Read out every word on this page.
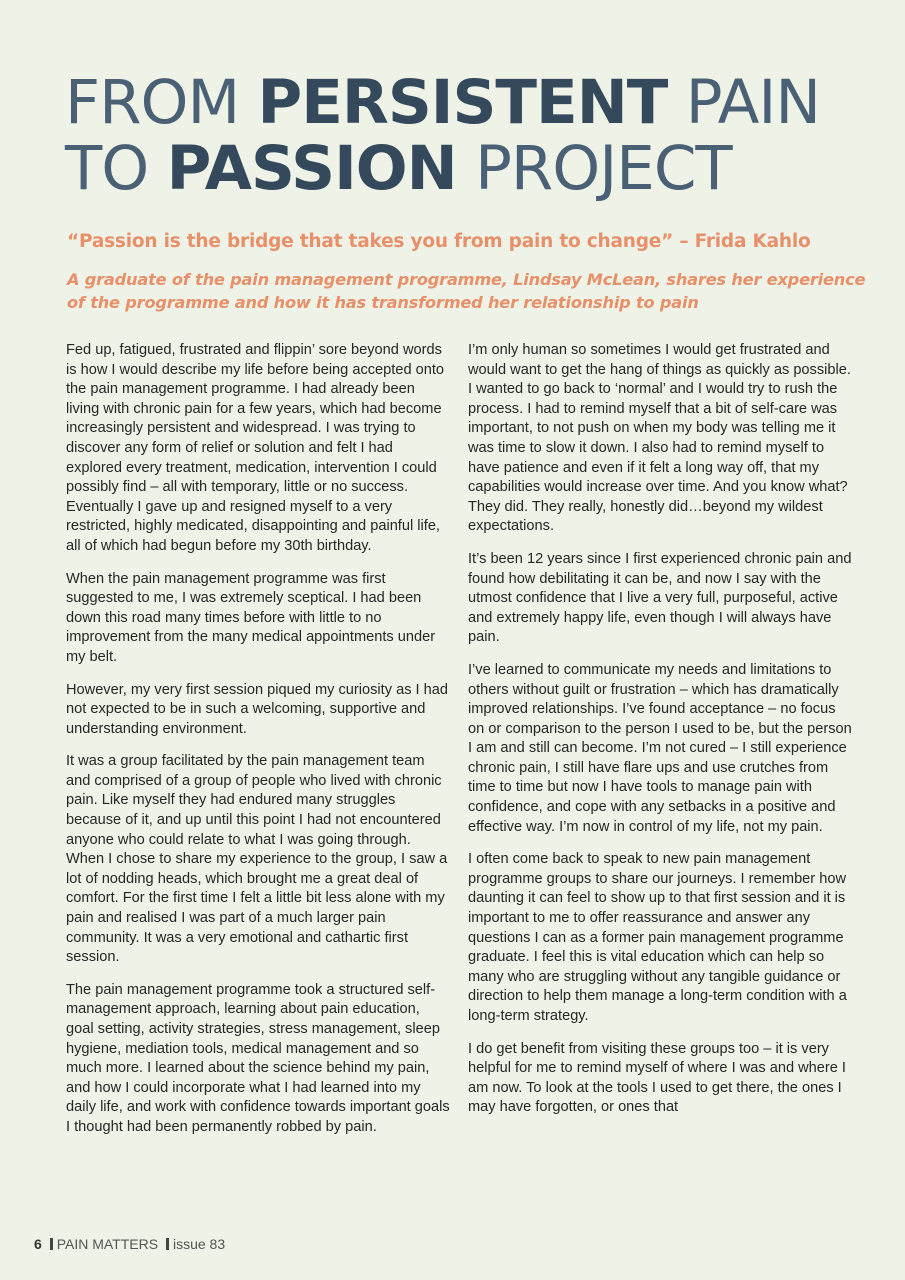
FROM PERSISTENT PAIN
TO PASSION PROJECT

“Passion is the bridge that takes you from pain to change” – Frida Kahlo

A graduate of the pain management programme, Lindsay McLean, shares her experience of the programme and how it has transformed her relationship to pain

Fed up, fatigued, frustrated and flippin’ sore beyond words is how I would describe my life before being accepted onto the pain management programme. I had already been living with chronic pain for a few years, which had become increasingly persistent and widespread. I was trying to discover any form of relief or solution and felt I had explored every treatment, medication, intervention I could possibly find – all with temporary, little or no success. Eventually I gave up and resigned myself to a very restricted, highly medicated, disappointing and painful life, all of which had begun before my 30th birthday.

When the pain management programme was first suggested to me, I was extremely sceptical. I had been down this road many times before with little to no improvement from the many medical appointments under my belt.

However, my very first session piqued my curiosity as I had not expected to be in such a welcoming, supportive and understanding environment.

It was a group facilitated by the pain management team and comprised of a group of people who lived with chronic pain. Like myself they had endured many struggles because of it, and up until this point I had not encountered anyone who could relate to what I was going through. When I chose to share my experience to the group, I saw a lot of nodding heads, which brought me a great deal of comfort. For the first time I felt a little bit less alone with my pain and realised I was part of a much larger pain community. It was a very emotional and cathartic first session.

The pain management programme took a structured self-management approach, learning about pain education, goal setting, activity strategies, stress management, sleep hygiene, mediation tools, medical management and so much more. I learned about the science behind my pain, and how I could incorporate what I had learned into my daily life, and work with confidence towards important goals I thought had been permanently robbed by pain.

I’m only human so sometimes I would get frustrated and would want to get the hang of things as quickly as possible. I wanted to go back to ‘normal’ and I would try to rush the process. I had to remind myself that a bit of self-care was important, to not push on when my body was telling me it was time to slow it down. I also had to remind myself to have patience and even if it felt a long way off, that my capabilities would increase over time. And you know what? They did. They really, honestly did…beyond my wildest expectations.

It’s been 12 years since I first experienced chronic pain and found how debilitating it can be, and now I say with the utmost confidence that I live a very full, purposeful, active and extremely happy life, even though I will always have pain.

I’ve learned to communicate my needs and limitations to others without guilt or frustration – which has dramatically improved relationships. I’ve found acceptance – no focus on or comparison to the person I used to be, but the person I am and still can become. I’m not cured – I still experience chronic pain, I still have flare ups and use crutches from time to time but now I have tools to manage pain with confidence, and cope with any setbacks in a positive and effective way. I’m now in control of my life, not my pain.

I often come back to speak to new pain management programme groups to share our journeys. I remember how daunting it can feel to show up to that first session and it is important to me to offer reassurance and answer any questions I can as a former pain management programme graduate. I feel this is vital education which can help so many who are struggling without any tangible guidance or direction to help them manage a long-term condition with a long-term strategy.

I do get benefit from visiting these groups too – it is very helpful for me to remind myself of where I was and where I am now. To look at the tools I used to get there, the ones I may have forgotten, or ones that

6 PAIN MATTERS issue 83
